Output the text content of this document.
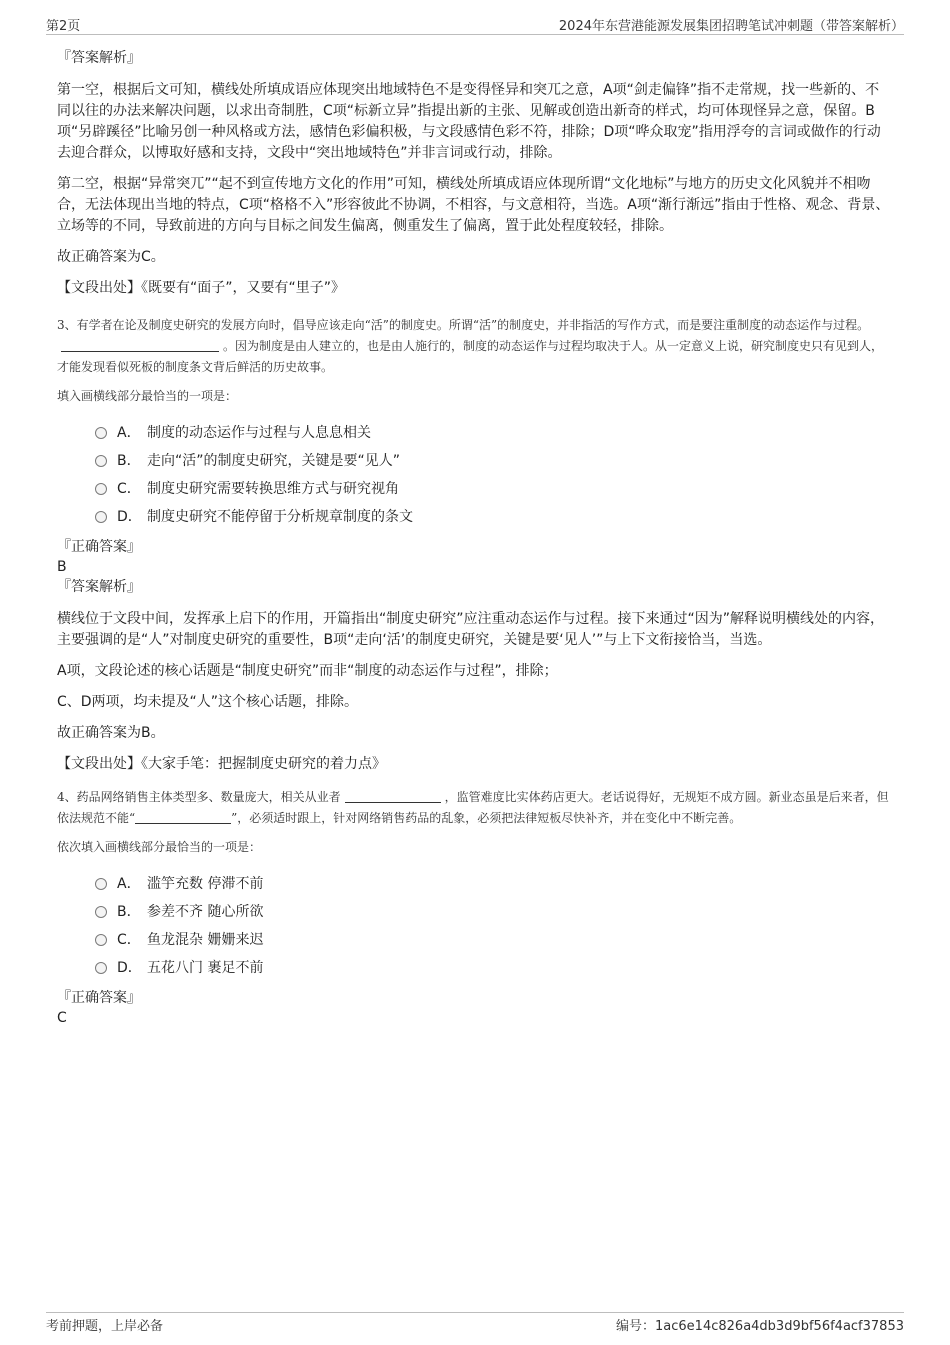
第2页	2024年东营港能源发展集团招聘笔试冲刺题（带答案解析）

『答案解析』

第一空，根据后文可知，横线处所填成语应体现突出地域特色不是变得怪异和突兀之意，A项“剑走偏锋”指不走常规，找一些新的、不同以往的办法来解决问题，以求出奇制胜，C项“标新立异”指提出新的主张、见解或创造出新奇的样式，均可体现怪异之意，保留。B项“另辟蹊径”比喻另创一种风格或方法，感情色彩偏积极，与文段感情色彩不符，排除；D项“哗众取宠”指用浮夸的言词或做作的行动去迎合群众，以博取好感和支持，文段中“突出地域特色”并非言词或行动，排除。

第二空，根据“异常突兀”“起不到宣传地方文化的作用”可知，横线处所填成语应体现所谓“文化地标”与地方的历史文化风貌并不相吻合，无法体现出当地的特点，C项“格格不入”形容彼此不协调，不相容，与文意相符，当选。A项“渐行渐远”指由于性格、观念、背景、立场等的不同，导致前进的方向与目标之间发生偏离，侧重发生了偏离，置于此处程度较轻，排除。

故正确答案为C。

【文段出处】《既要有“面子”，又要有“里子”》

3、有学者在论及制度史研究的发展方向时，倡导应该走向“活”的制度史。所谓“活”的制度史，并非指活的写作方式，而是要注重制度的动态运作与过程。。因为制度是由人建立的，也是由人施行的，制度的动态运作与过程均取决于人。从一定意义上说，研究制度史只有见到人，才能发现看似死板的制度条文背后鲜活的历史故事。

填入画横线部分最恰当的一项是：

A． 制度的动态运作与过程与人息息相关
B． 走向“活”的制度史研究，关键是要“见人”
C． 制度史研究需要转换思维方式与研究视角
D． 制度史研究不能停留于分析规章制度的条文

『正确答案』

B

『答案解析』

横线位于文段中间，发挥承上启下的作用，开篇指出“制度史研究”应注重动态运作与过程。接下来通过“因为”解释说明横线处的内容，主要强调的是“人”对制度史研究的重要性，B项“走向‘活’的制度史研究，关键是要‘见人’”与上下文衔接恰当，当选。

A项，文段论述的核心话题是“制度史研究”而非“制度的动态运作与过程”，排除；

C、D两项，均未提及“人”这个核心话题，排除。

故正确答案为B。

【文段出处】《大家手笔：把握制度史研究的着力点》

4、药品网络销售主体类型多、数量庞大，相关从业者	，监管难度比实体药店更大。老话说得好，无规矩不成方圆。新业态虽是后来者，但依法规范不能“	”，必须适时跟上，针对网络销售药品的乱象，必须把法律短板尽快补齐，并在变化中不断完善。

依次填入画横线部分最恰当的一项是：

A． 滥竽充数 停滞不前
B． 参差不齐 随心所欲
C． 鱼龙混杂 姗姗来迟
D． 五花八门 裹足不前

『正确答案』

C

考前押题，上岸必备	编号：1ac6e14c826a4db3d9bf56f4acf37853
